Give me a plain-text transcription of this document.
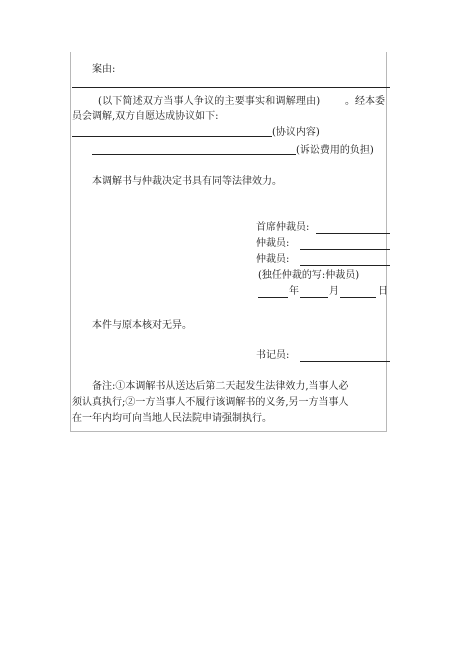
案由:
(以下简述双方当事人争议的主要事实和调解理由) 。经本委
员会调解,双方自愿达成协议如下:
(协议内容)
(诉讼费用的负担)
本调解书与仲裁决定书具有同等法律效力。
首席仲裁员:
仲裁员:
仲裁员:
(独任仲裁的写:仲裁员)
年	月	日
本件与原本核对无异。
书记员:
备注:①本调解书从送达后第二天起发生法律效力,当事人必
须认真执行;②一方当事人不履行该调解书的义务,另一方当事人
在一年内均可向当地人民法院申请强制执行。
